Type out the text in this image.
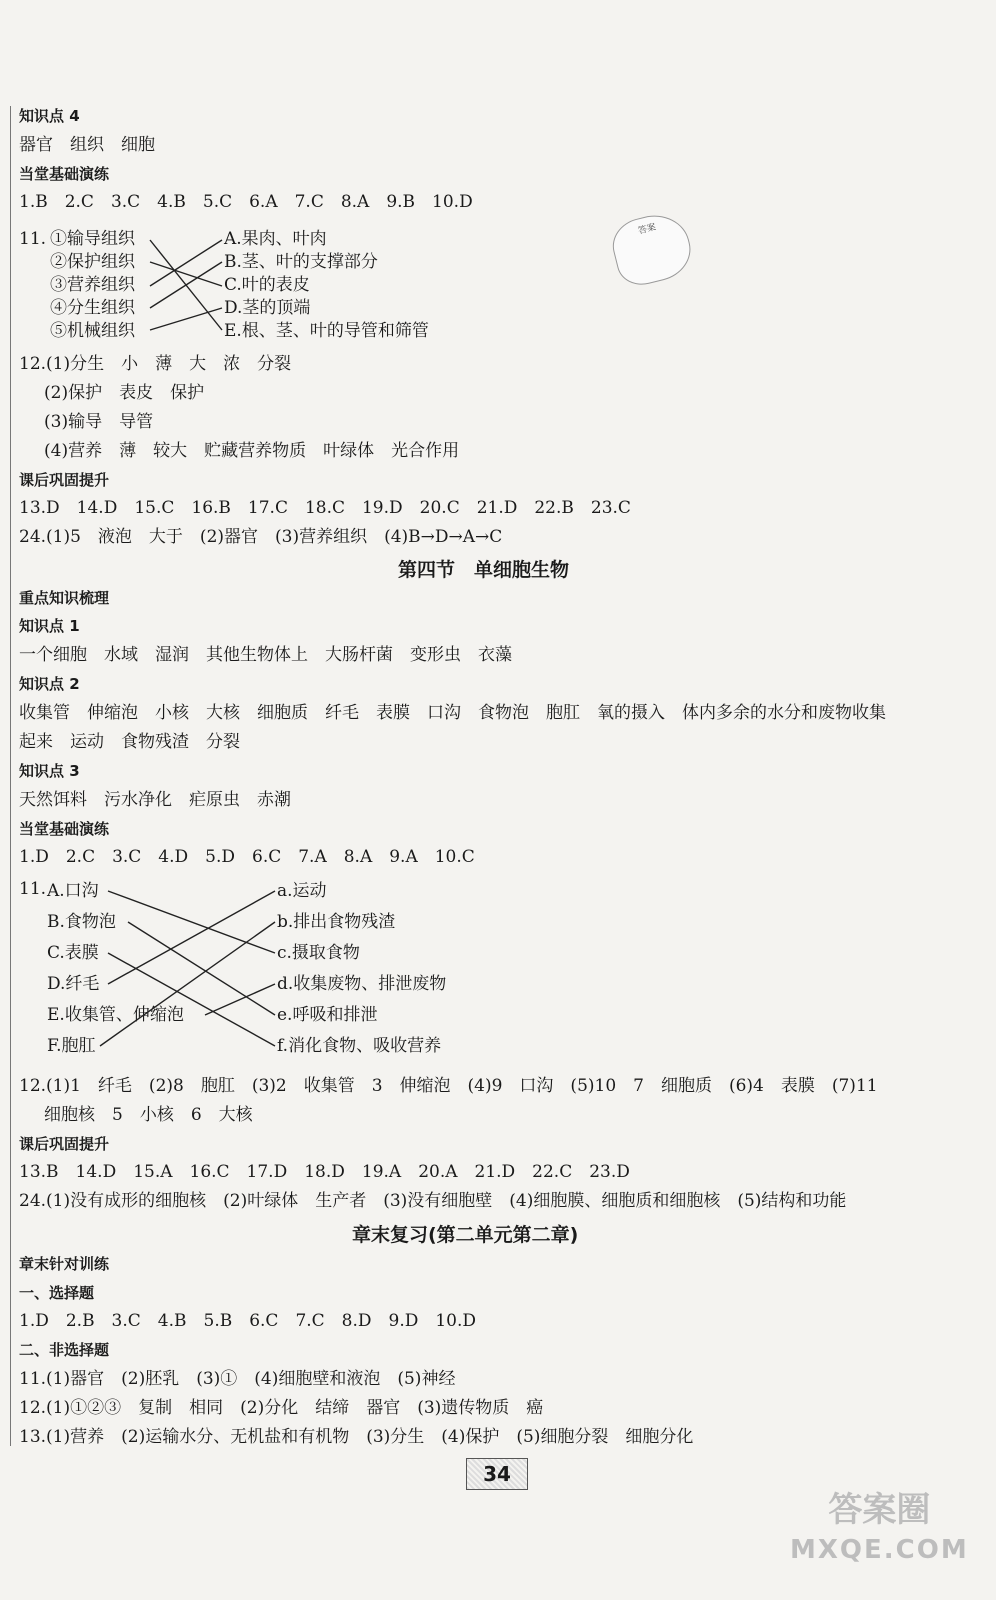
知识点 4
器官　组织　细胞
当堂基础演练
1.B　2.C　3.C　4.B　5.C　6.A　7.C　8.A　9.B　10.D
11. ①输导组织
②保护组织
③营养组织
④分生组织
⑤机械组织
A.果肉、叶肉
B.茎、叶的支撑部分
C.叶的表皮
D.茎的顶端
E.根、茎、叶的导管和筛管
12.(1)分生　小　薄　大　浓　分裂
(2)保护　表皮　保护
(3)输导　导管
(4)营养　薄　较大　贮藏营养物质　叶绿体　光合作用
课后巩固提升
13.D　14.D　15.C　16.B　17.C　18.C　19.D　20.C　21.D　22.B　23.C
24.(1)5　液泡　大于　(2)器官　(3)营养组织　(4)B→D→A→C
第四节　单细胞生物
重点知识梳理
知识点 1
一个细胞　水域　湿润　其他生物体上　大肠杆菌　变形虫　衣藻
知识点 2
收集管　伸缩泡　小核　大核　细胞质　纤毛　表膜　口沟　食物泡　胞肛　氧的摄入　体内多余的水分和废物收集
起来　运动　食物残渣　分裂
知识点 3
天然饵料　污水净化　疟原虫　赤潮
当堂基础演练
1.D　2.C　3.C　4.D　5.D　6.C　7.A　8.A　9.A　10.C
11. A.口沟
B.食物泡
C.表膜
D.纤毛
E.收集管、伸缩泡
F.胞肛
a.运动
b.排出食物残渣
c.摄取食物
d.收集废物、排泄废物
e.呼吸和排泄
f.消化食物、吸收营养
12.(1)1　纤毛　(2)8　胞肛　(3)2　收集管　3　伸缩泡　(4)9　口沟　(5)10　7　细胞质　(6)4　表膜　(7)11
细胞核　5　小核　6　大核
课后巩固提升
13.B　14.D　15.A　16.C　17.D　18.D　19.A　20.A　21.D　22.C　23.D
24.(1)没有成形的细胞核　(2)叶绿体　生产者　(3)没有细胞壁　(4)细胞膜、细胞质和细胞核　(5)结构和功能
章末复习(第二单元第二章)
章末针对训练
一、选择题
1.D　2.B　3.C　4.B　5.B　6.C　7.C　8.D　9.D　10.D
二、非选择题
11.(1)器官　(2)胚乳　(3)①　(4)细胞壁和液泡　(5)神经
12.(1)①②③　复制　相同　(2)分化　结缔　器官　(3)遗传物质　癌
13.(1)营养　(2)运输水分、无机盐和有机物　(3)分生　(4)保护　(5)细胞分裂　细胞分化
答案
34
答案圈
MXQE.COM
